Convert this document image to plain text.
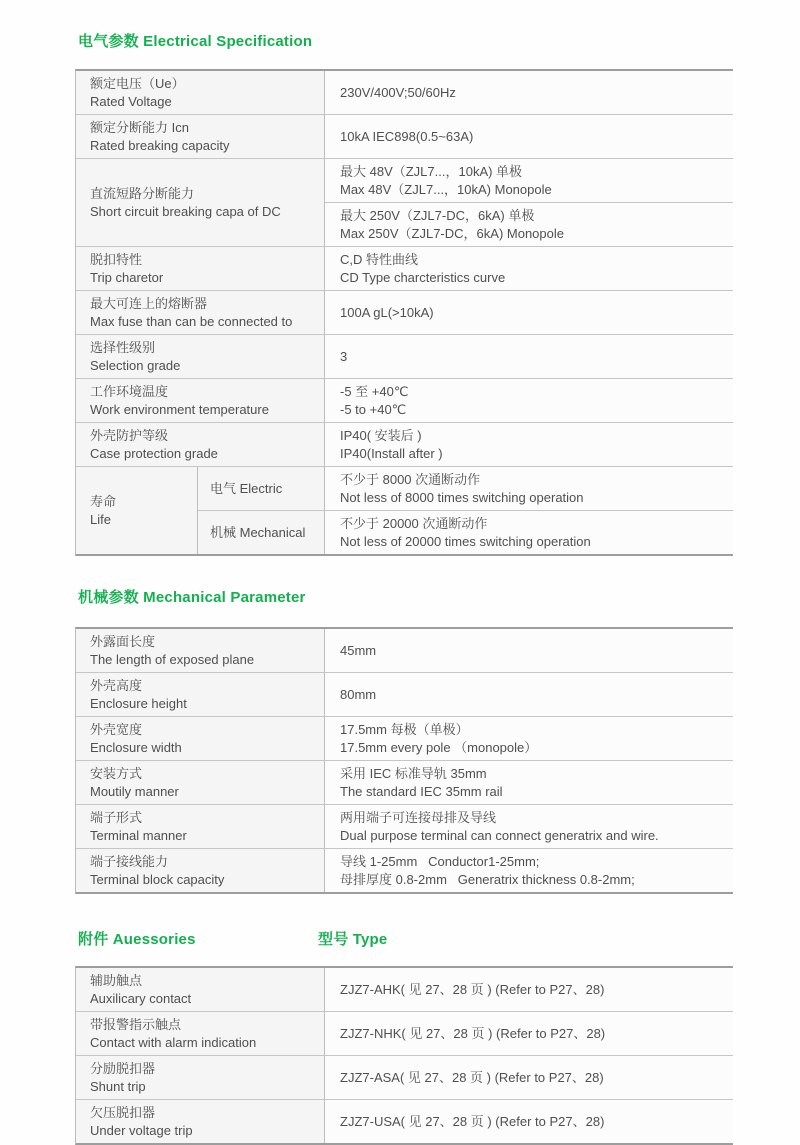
电气参数 Electrical Specification
额定电压（Ue）
Rated Voltage
230V/400V;50/60Hz
额定分断能力 Icn
Rated breaking capacity
10kA IEC898(0.5~63A)
直流短路分断能力
Short circuit breaking capa of DC
最大 48V（ZJL7...，10kA) 单极
Max 48V（ZJL7...，10kA) Monopole
最大 250V（ZJL7-DC，6kA) 单极
Max 250V（ZJL7-DC，6kA) Monopole
脱扣特性
Trip charetor
C,D 特性曲线
CD Type charcteristics curve
最大可连上的熔断器
Max fuse than can be connected to
100A gL(>10kA)
选择性级别
Selection grade
3
工作环境温度
Work environment temperature
-5 至 +40℃
-5 to +40℃
外壳防护等级
Case protection grade
IP40( 安装后 )
IP40(Install after )
寿命
Life
电气 Electric
不少于 8000 次通断动作
Not less of 8000 times switching operation
机械 Mechanical
不少于 20000 次通断动作
Not less of 20000 times switching operation
机械参数 Mechanical Parameter
外露面长度
The length of exposed plane
45mm
外壳高度
Enclosure height
80mm
外壳宽度
Enclosure width
17.5mm 每极（单极）
17.5mm every pole （monopole）
安装方式
Moutily manner
采用 IEC 标准导轨 35mm
The standard IEC 35mm rail
端子形式
Terminal manner
两用端子可连接母排及导线
Dual purpose terminal can connect generatrix and wire.
端子接线能力
Terminal block capacity
导线 1-25mm   Conductor1-25mm;
母排厚度 0.8-2mm   Generatrix thickness 0.8-2mm;
附件 Auessories	型号 Type
辅助触点
Auxilicary contact
ZJZ7-AHK( 见 27、28 页 ) (Refer to P27、28)
带报警指示触点
Contact with alarm indication
ZJZ7-NHK( 见 27、28 页 ) (Refer to P27、28)
分励脱扣器
Shunt trip
ZJZ7-ASA( 见 27、28 页 ) (Refer to P27、28)
欠压脱扣器
Under voltage trip
ZJZ7-USA( 见 27、28 页 ) (Refer to P27、28)
